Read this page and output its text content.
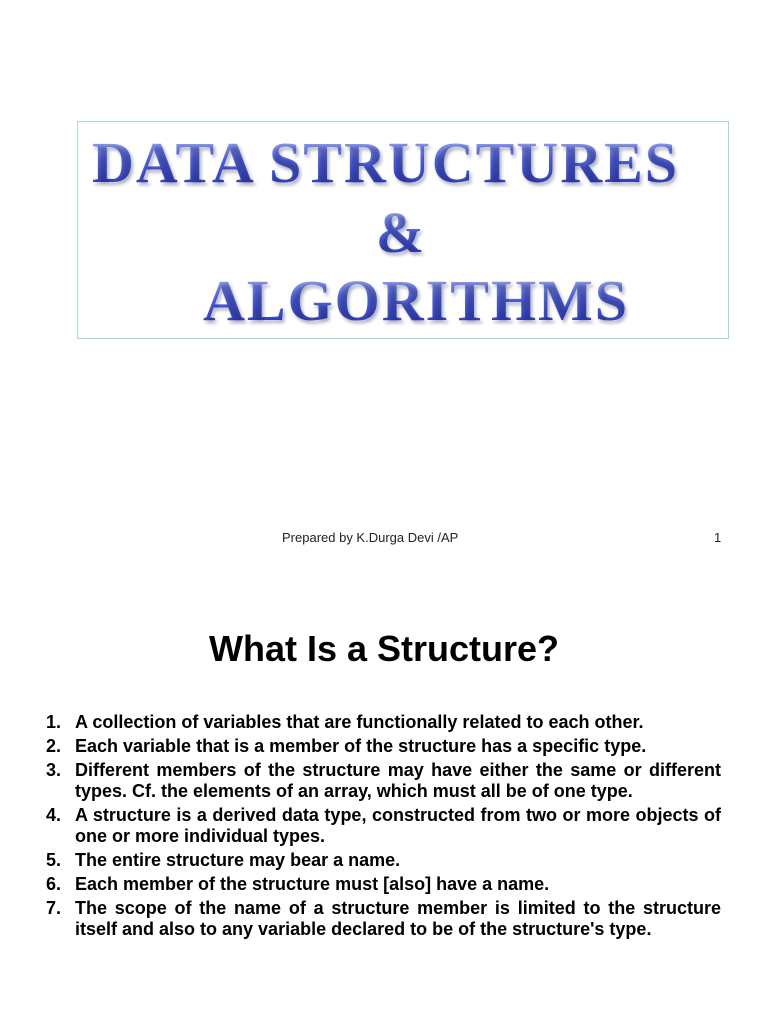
DATA STRUCTURES
&
ALGORITHMS
Prepared by K.Durga Devi /AP	1
What Is a Structure?
1. A collection of variables that are functionally related to each other.
2. Each variable that is a member of the structure has a specific type.
3. Different members of the structure may have either the same or different types. Cf. the elements of an array, which must all be of one type.
4. A structure is a derived data type, constructed from two or more objects of one or more individual types.
5. The entire structure may bear a name.
6. Each member of the structure must [also] have a name.
7. The scope of the name of a structure member is limited to the structure itself and also to any variable declared to be of the structure's type.
